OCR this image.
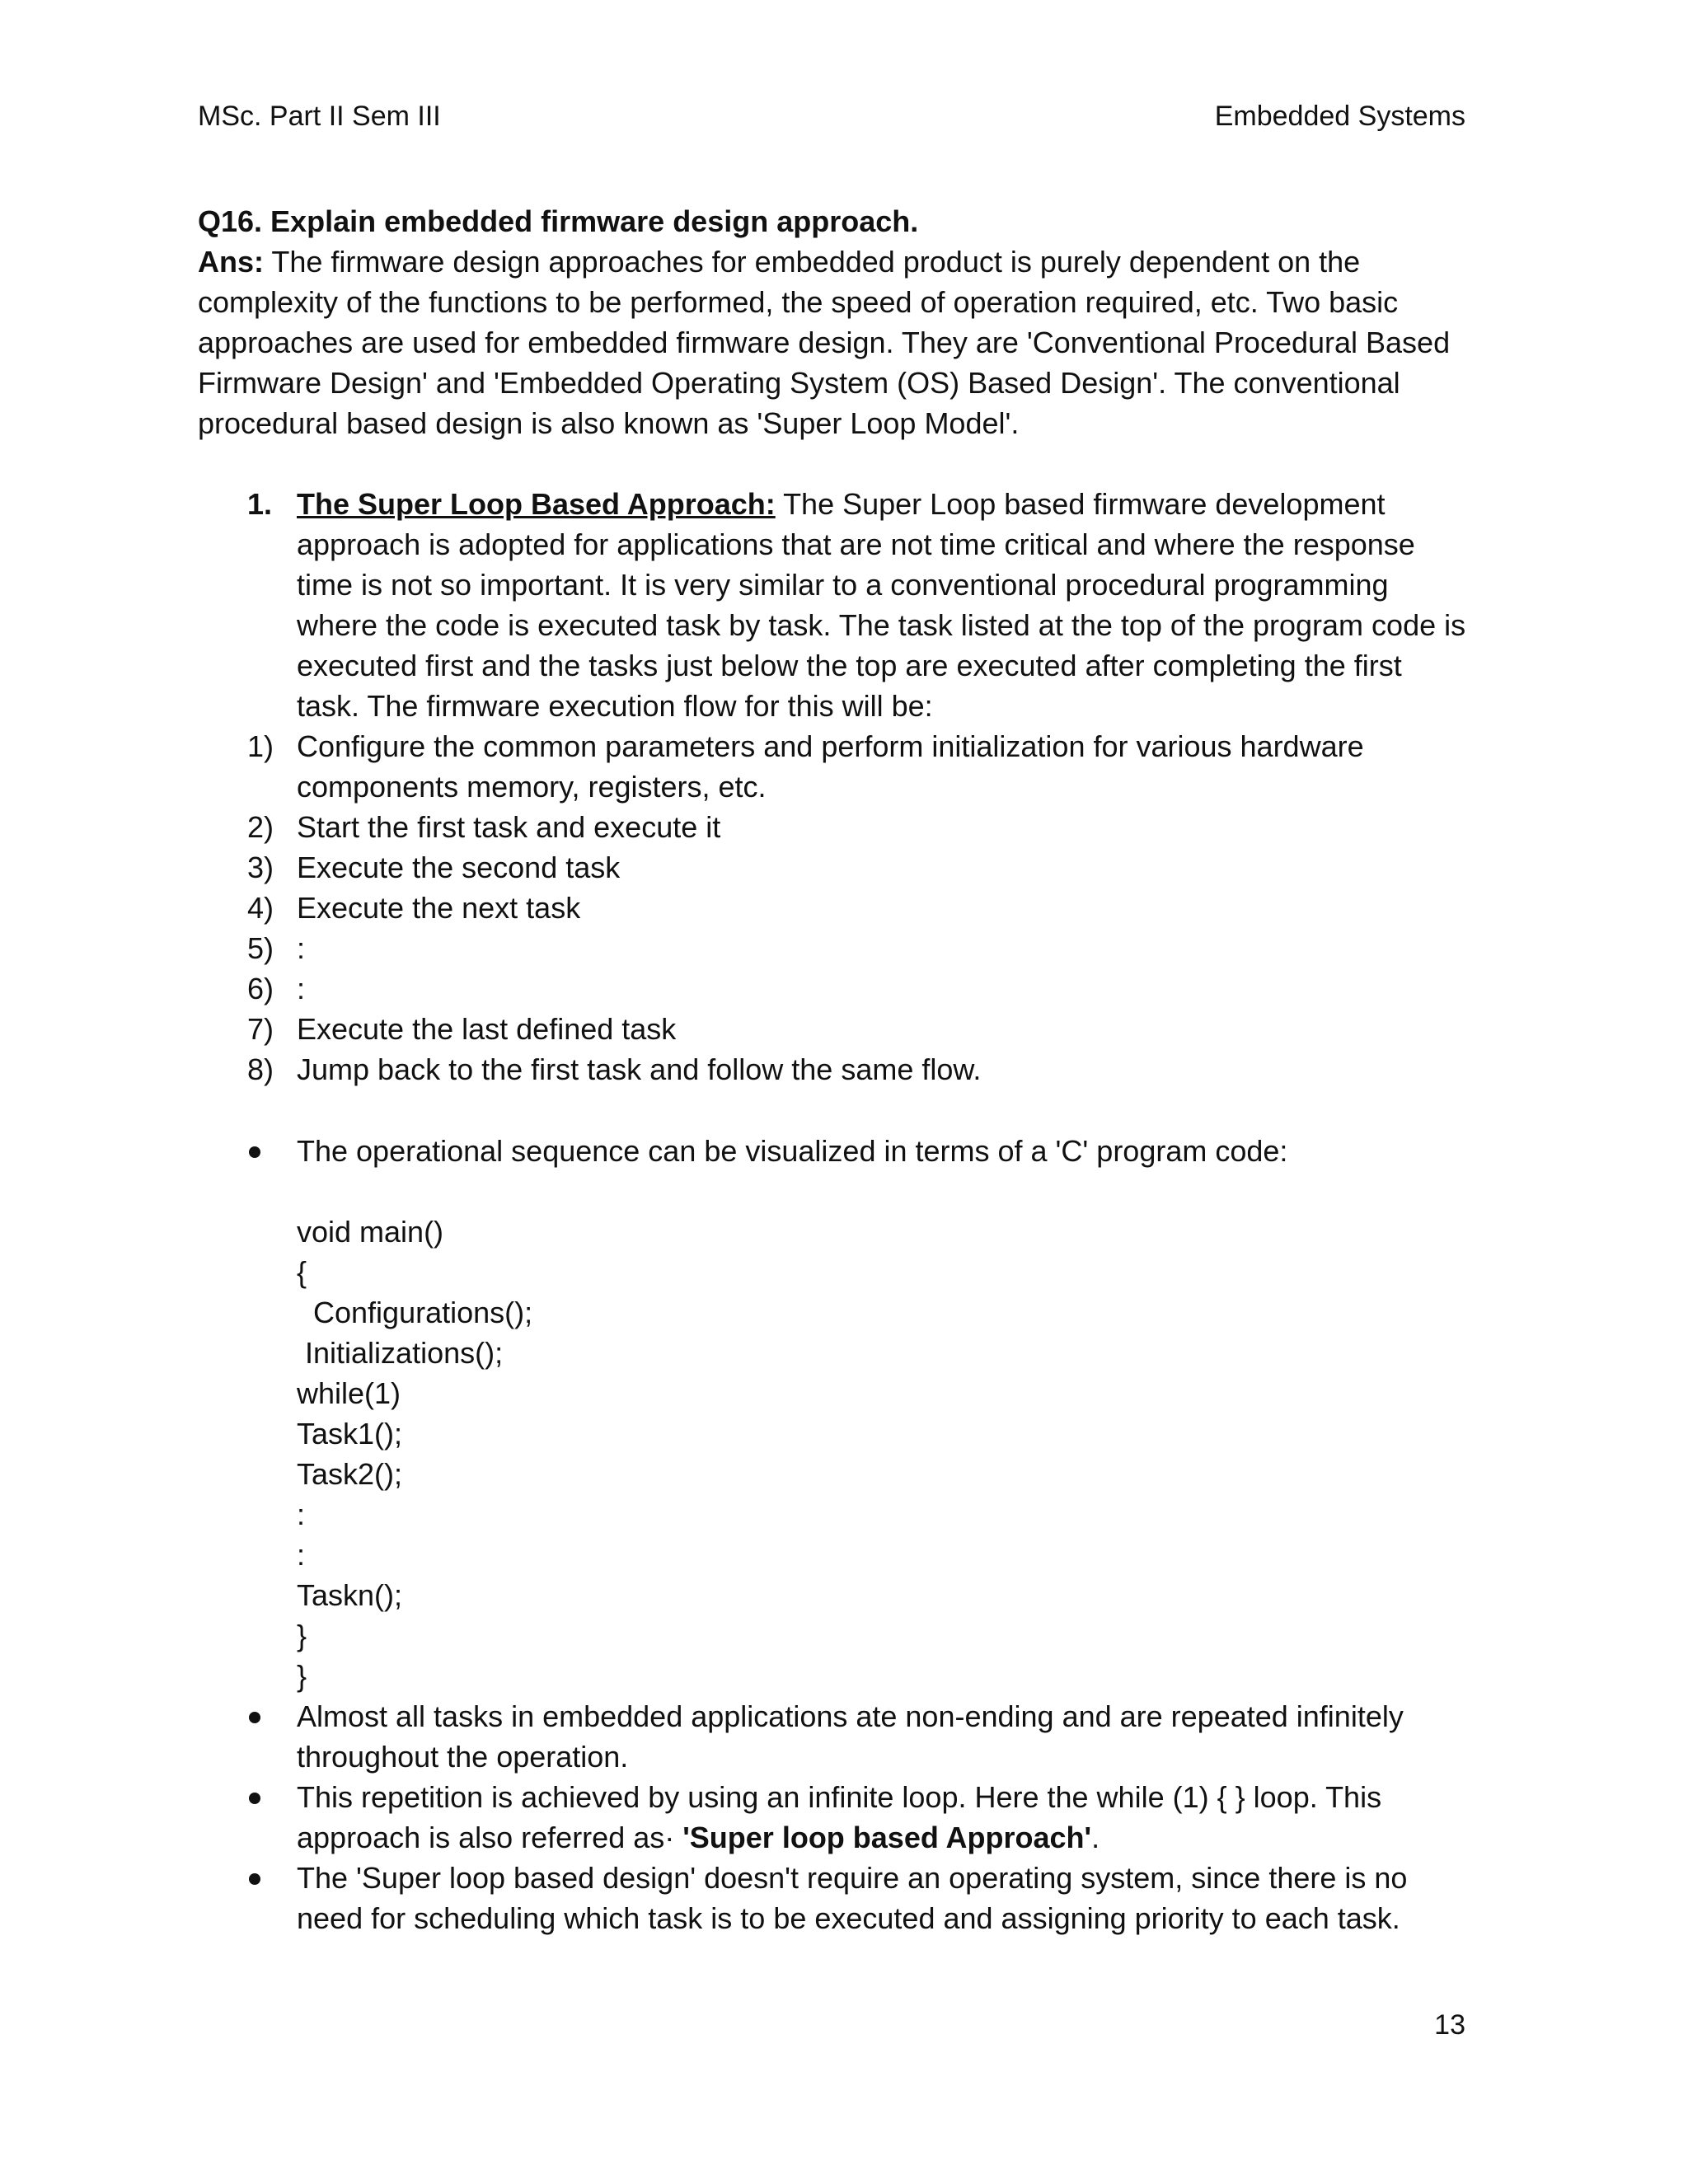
MSc. Part II Sem III	Embedded Systems

Q16. Explain embedded firmware design approach.

Ans: The firmware design approaches for embedded product is purely dependent on the complexity of the functions to be performed, the speed of operation required, etc. Two basic approaches are used for embedded firmware design. They are 'Conventional Procedural Based Firmware Design' and 'Embedded Operating System (OS) Based Design'. The conventional procedural based design is also known as 'Super Loop Model'.

1. The Super Loop Based Approach: The Super Loop based firmware development approach is adopted for applications that are not time critical and where the response time is not so important. It is very similar to a conventional procedural programming where the code is executed task by task. The task listed at the top of the program code is executed first and the tasks just below the top are executed after completing the first task. The firmware execution flow for this will be:

1) Configure the common parameters and perform initialization for various hardware components memory, registers, etc.

2) Start the first task and execute it

3) Execute the second task

4) Execute the next task

5) :

6) :

7) Execute the last defined task

8) Jump back to the first task and follow the same flow.

The operational sequence can be visualized in terms of a 'C' program code:

void main()
{
Configurations();
Initializations();
while(1)
Task1();
Task2();
:
:
Taskn();
}
}

Almost all tasks in embedded applications ate non-ending and are repeated infinitely throughout the operation.

This repetition is achieved by using an infinite loop. Here the while (1) { } loop. This approach is also referred as· 'Super loop based Approach'.

The 'Super loop based design' doesn't require an operating system, since there is no need for scheduling which task is to be executed and assigning priority to each task.

13
